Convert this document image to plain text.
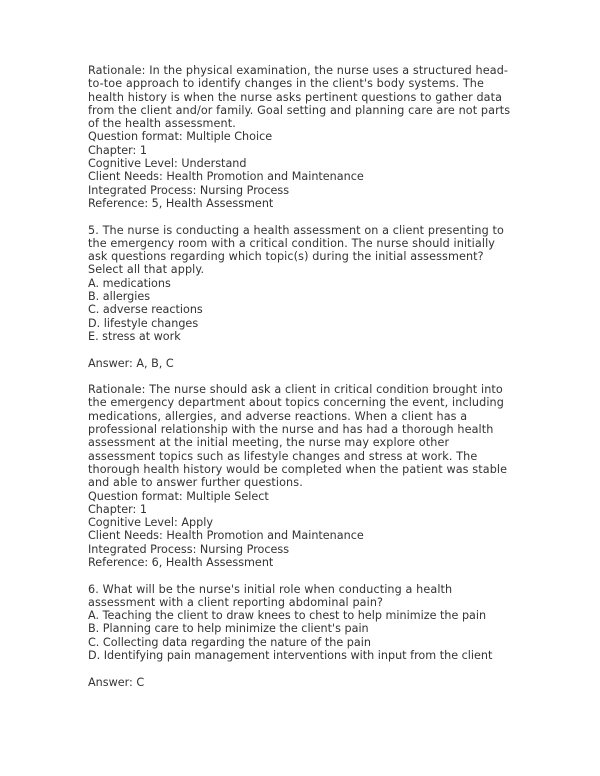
Rationale: In the physical examination, the nurse uses a structured head-to-toe approach to identify changes in the client's body systems. The health history is when the nurse asks pertinent questions to gather data from the client and/or family. Goal setting and planning care are not parts of the health assessment.

Question format: Multiple Choice
Chapter: 1
Cognitive Level: Understand
Client Needs: Health Promotion and Maintenance
Integrated Process: Nursing Process
Reference: 5, Health Assessment

5. The nurse is conducting a health assessment on a client presenting to the emergency room with a critical condition. The nurse should initially ask questions regarding which topic(s) during the initial assessment? Select all that apply.

A. medications
B. allergies
C. adverse reactions
D. lifestyle changes
E. stress at work

Answer: A, B, C

Rationale: The nurse should ask a client in critical condition brought into the emergency department about topics concerning the event, including medications, allergies, and adverse reactions. When a client has a professional relationship with the nurse and has had a thorough health assessment at the initial meeting, the nurse may explore other assessment topics such as lifestyle changes and stress at work. The thorough health history would be completed when the patient was stable and able to answer further questions.

Question format: Multiple Select
Chapter: 1
Cognitive Level: Apply
Client Needs: Health Promotion and Maintenance
Integrated Process: Nursing Process
Reference: 6, Health Assessment

6. What will be the nurse's initial role when conducting a health assessment with a client reporting abdominal pain?

A. Teaching the client to draw knees to chest to help minimize the pain
B. Planning care to help minimize the client's pain
C. Collecting data regarding the nature of the pain
D. Identifying pain management interventions with input from the client

Answer: C
